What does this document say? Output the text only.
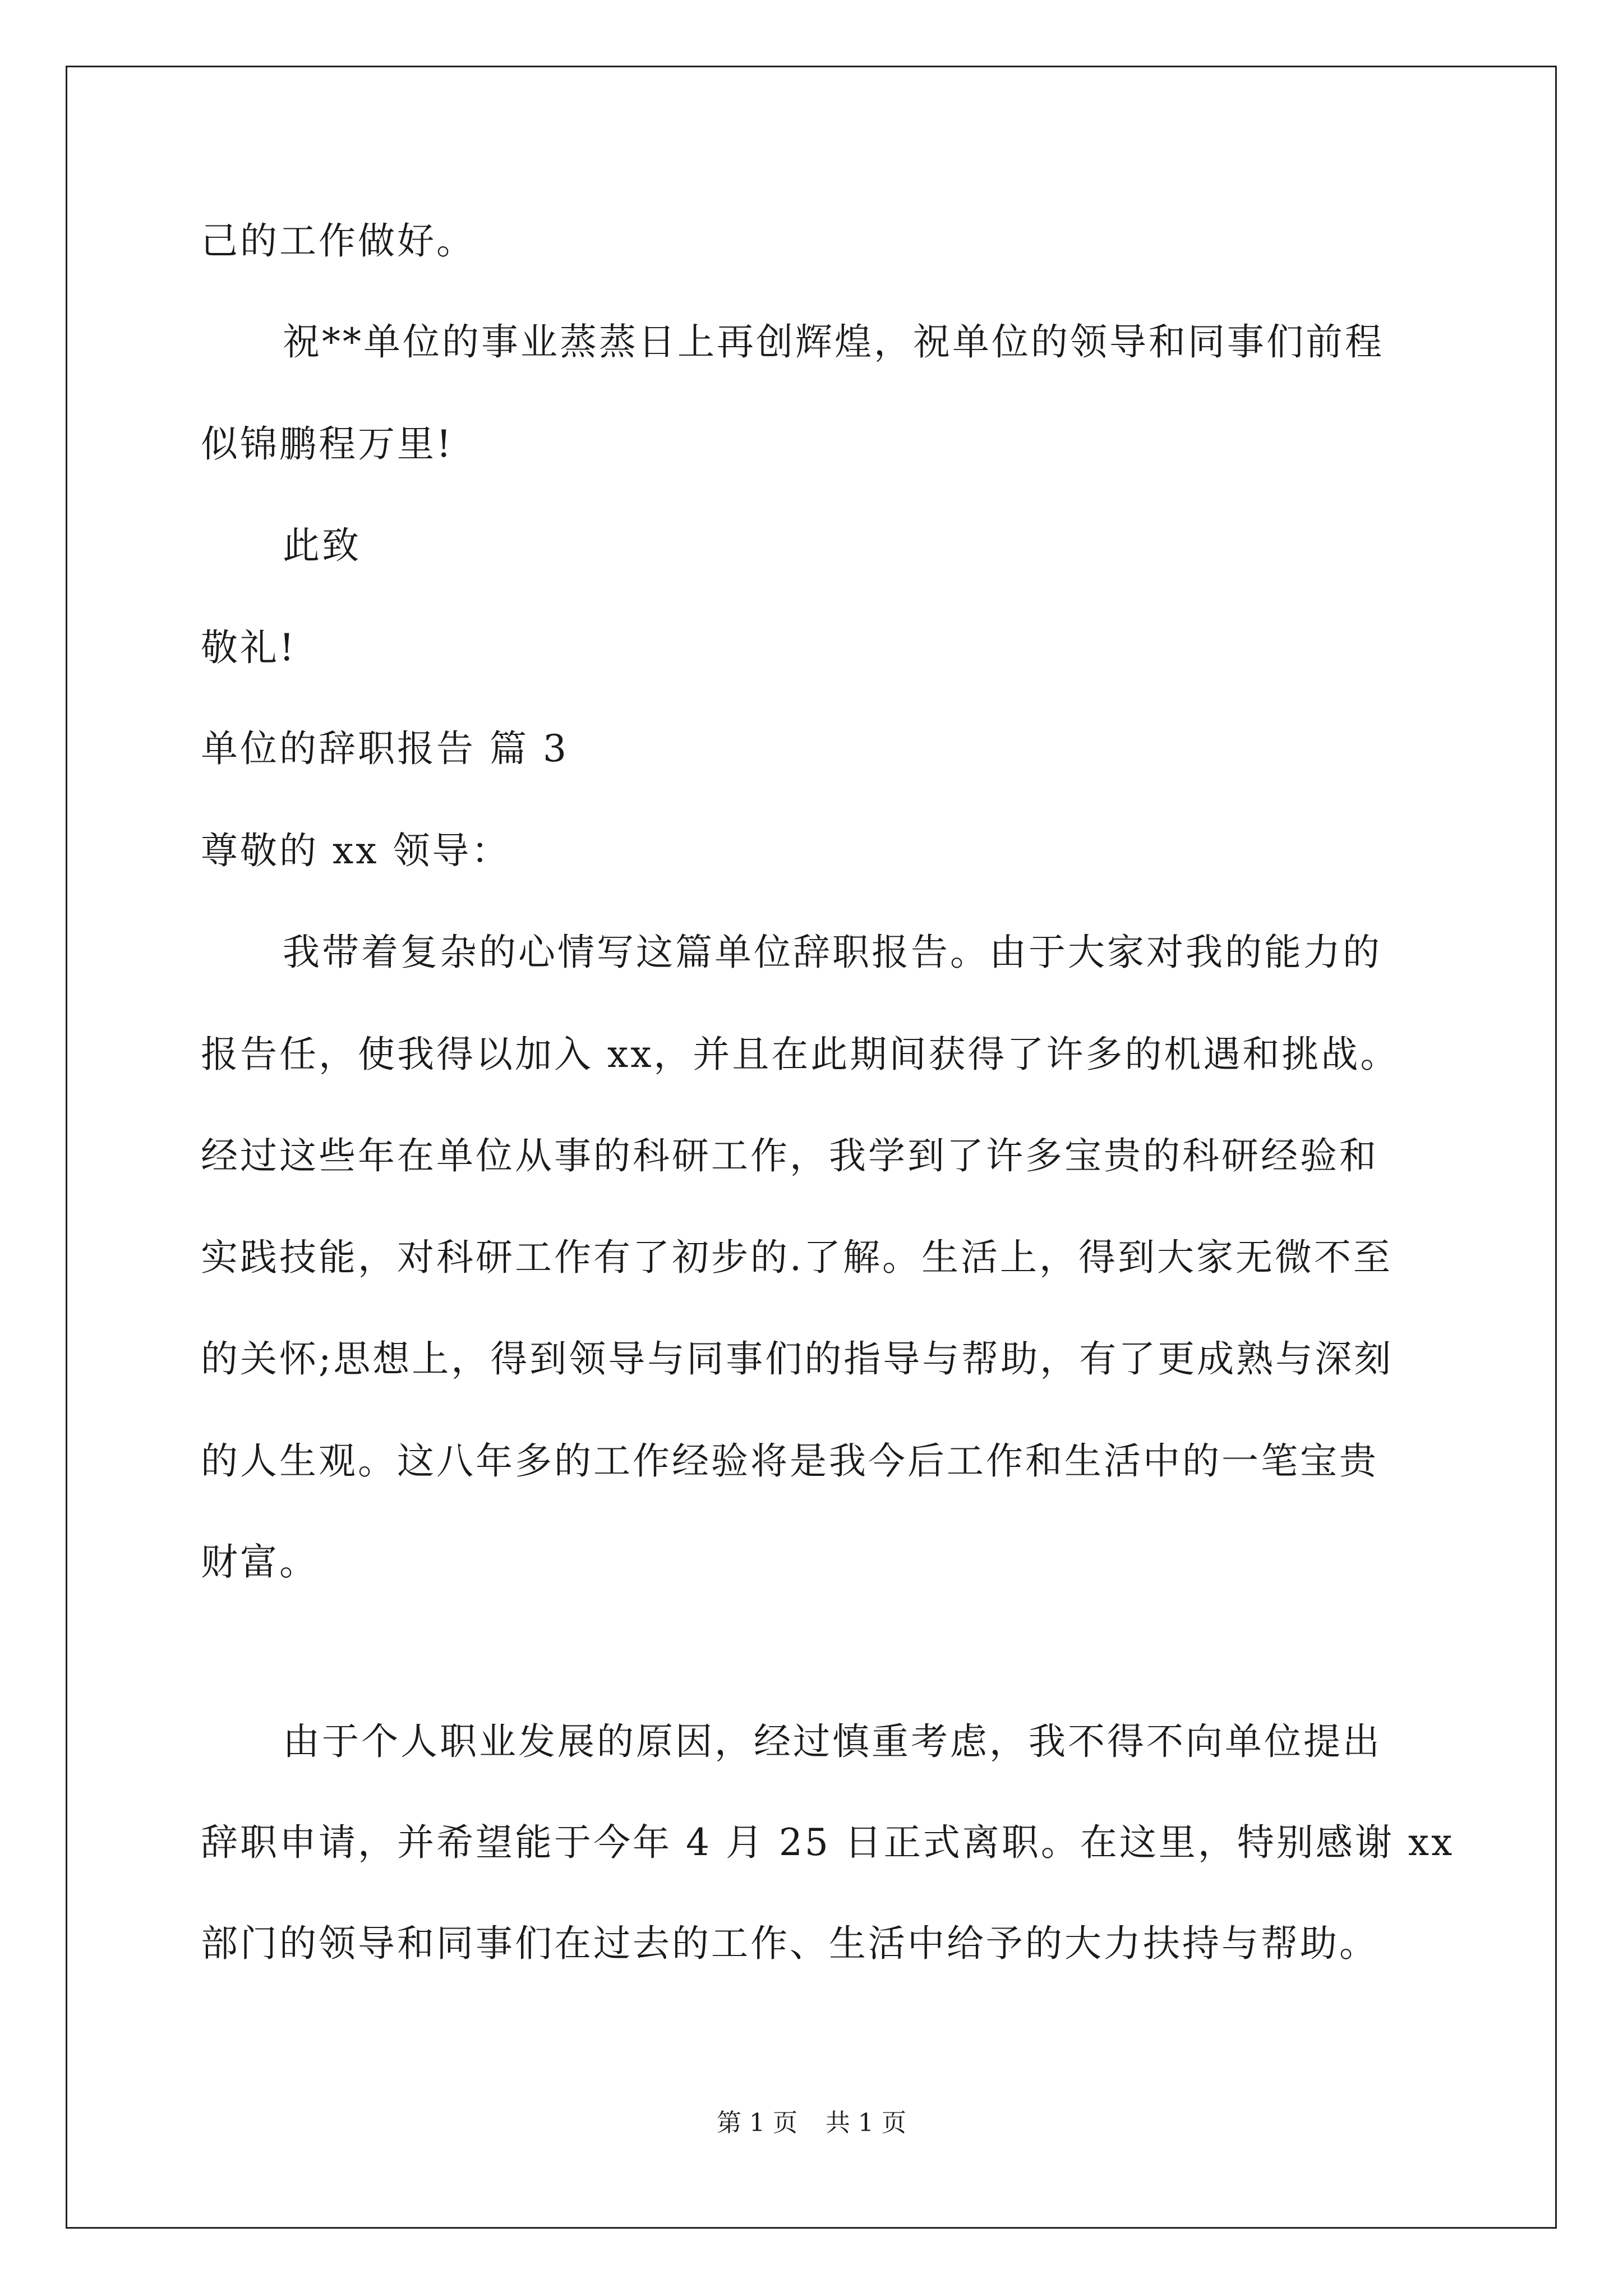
己的工作做好。
祝**单位的事业蒸蒸日上再创辉煌，祝单位的领导和同事们前程
似锦鹏程万里!
此致
敬礼!
单位的辞职报告 篇 3
尊敬的 xx 领导：
我带着复杂的心情写这篇单位辞职报告。由于大家对我的能力的
报告任，使我得以加入 xx，并且在此期间获得了许多的机遇和挑战。
经过这些年在单位从事的科研工作，我学到了许多宝贵的科研经验和
实践技能，对科研工作有了初步的.了解。生活上，得到大家无微不至
的关怀;思想上，得到领导与同事们的指导与帮助，有了更成熟与深刻
的人生观。这八年多的工作经验将是我今后工作和生活中的一笔宝贵
财富。
由于个人职业发展的原因，经过慎重考虑，我不得不向单位提出
辞职申请，并希望能于今年 4 月 25 日正式离职。在这里，特别感谢 xx
部门的领导和同事们在过去的工作、生活中给予的大力扶持与帮助。
第 1 页 共 1 页
